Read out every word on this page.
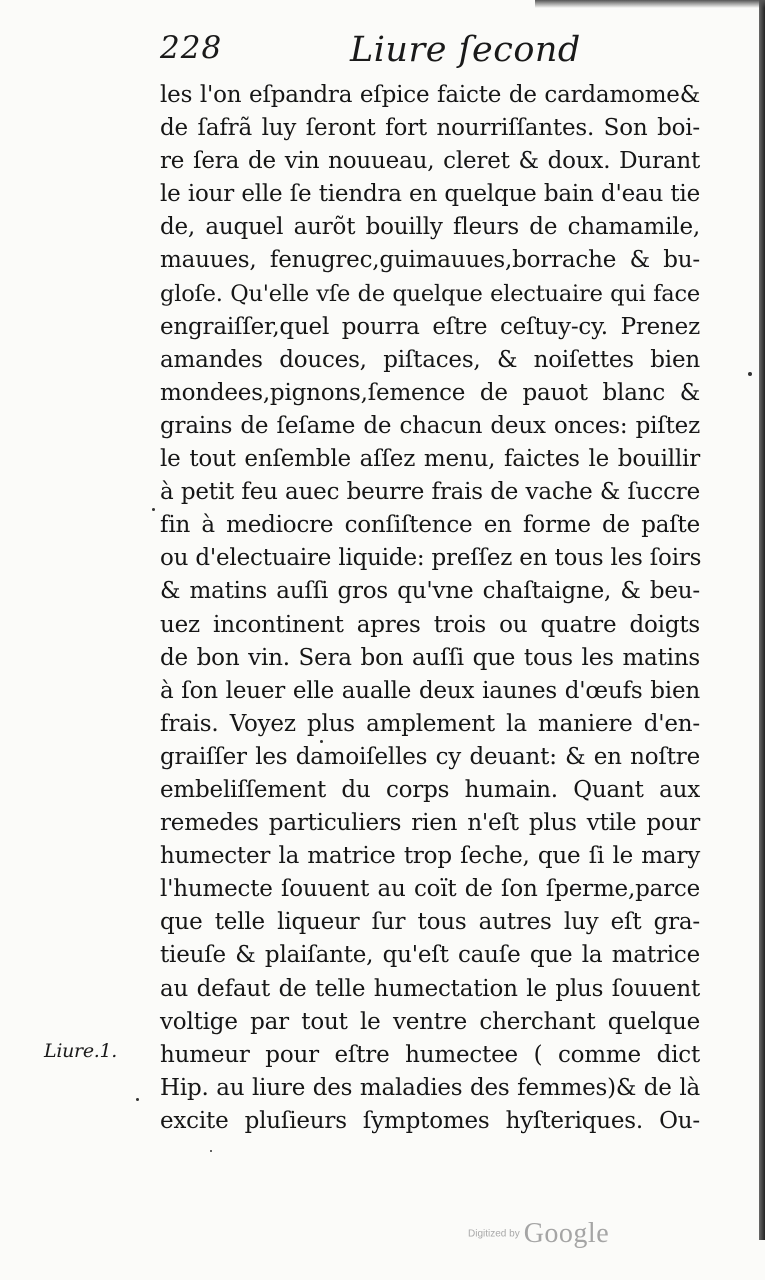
228	Liure ſecond
les l'on eſpandra eſpice faicte de cardamome&
de ſafrã luy ſeront fort nourriſſantes. Son boi-
re ſera de vin nouueau, cleret & doux. Durant
le iour elle ſe tiendra en quelque bain d'eau tie
de, auquel aurõt bouilly fleurs de chamamile,
mauues, fenugrec,guimauues,borrache & bu-
gloſe. Qu'elle vſe de quelque electuaire qui face
engraiſſer,quel pourra eſtre ceſtuy-cy. Prenez
amandes douces, piſtaces, & noiſettes bien
mondees,pignons,ſemence de pauot blanc &
grains de ſeſame de chacun deux onces: piſtez
le tout enſemble aſſez menu, faictes le bouillir
à petit feu auec beurre frais de vache & ſuccre
fin à mediocre conſiſtence en forme de paſte
ou d'electuaire liquide: preſſez en tous les ſoirs
& matins auſſi gros qu'vne chaſtaigne, & beu-
uez incontinent apres trois ou quatre doigts
de bon vin. Sera bon auſſi que tous les matins
à ſon leuer elle aualle deux iaunes d'œufs bien
frais. Voyez plus amplement la maniere d'en-
graiſſer les damoiſelles cy deuant: & en noſtre
embeliſſement du corps humain. Quant aux
remedes particuliers rien n'eſt plus vtile pour
humecter la matrice trop ſeche, que ſi le mary
l'humecte ſouuent au coït de ſon ſperme,parce
que telle liqueur ſur tous autres luy eſt gra-
tieuſe & plaiſante, qu'eſt cauſe que la matrice
au defaut de telle humectation le plus ſouuent
voltige par tout le ventre cherchant quelque
humeur pour eſtre humectee ( comme dict
Hip. au liure des maladies des femmes)& de là
excite pluſieurs ſymptomes hyſteriques. Ou-
Liure.1.
Digitized by Google
